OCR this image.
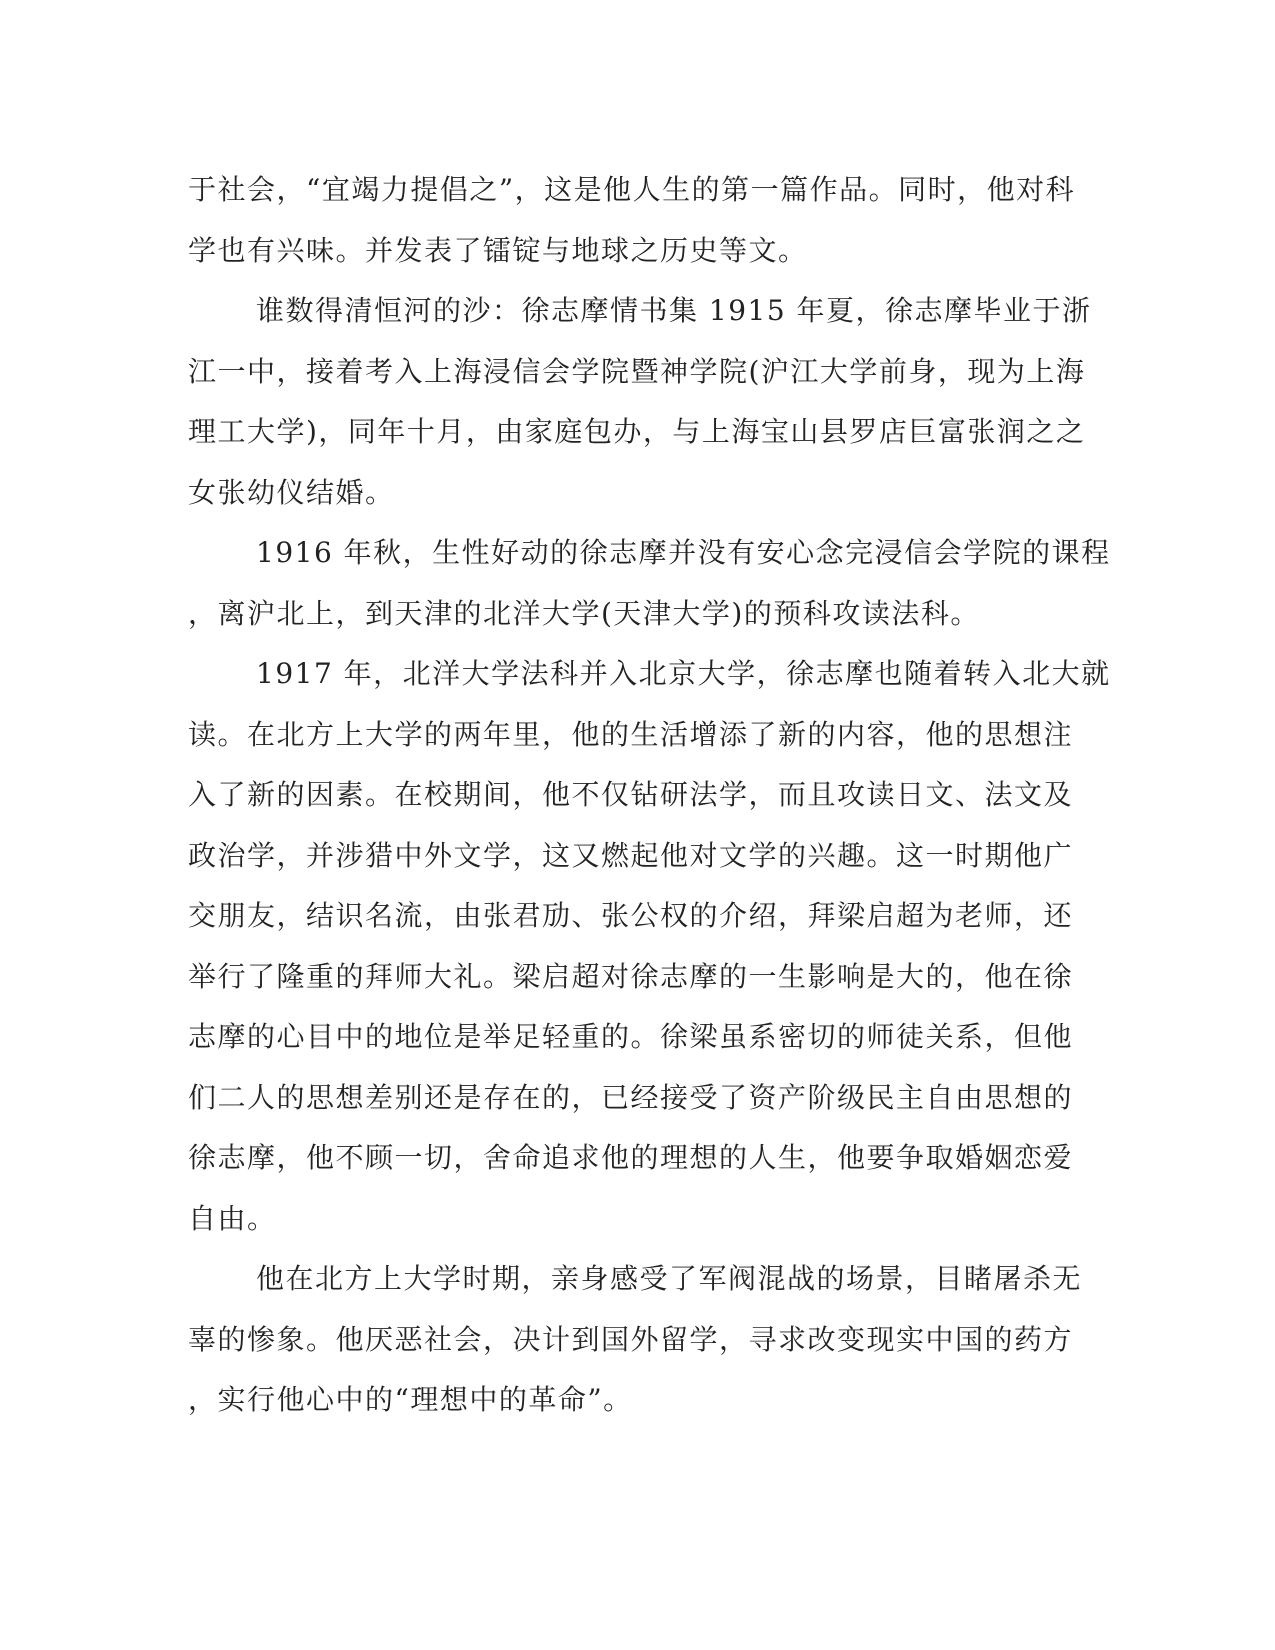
于社会，“宜竭力提倡之”，这是他人生的第一篇作品。同时，他对科
学也有兴味。并发表了镭锭与地球之历史等文。
谁数得清恒河的沙：徐志摩情书集 1915 年夏，徐志摩毕业于浙
江一中，接着考入上海浸信会学院暨神学院(沪江大学前身，现为上海
理工大学)，同年十月，由家庭包办，与上海宝山县罗店巨富张润之之
女张幼仪结婚。
1916 年秋，生性好动的徐志摩并没有安心念完浸信会学院的课程
，离沪北上，到天津的北洋大学(天津大学)的预科攻读法科。
1917 年，北洋大学法科并入北京大学，徐志摩也随着转入北大就
读。在北方上大学的两年里，他的生活增添了新的内容，他的思想注
入了新的因素。在校期间，他不仅钻研法学，而且攻读日文、法文及
政治学，并涉猎中外文学，这又燃起他对文学的兴趣。这一时期他广
交朋友，结识名流，由张君劢、张公权的介绍，拜梁启超为老师，还
举行了隆重的拜师大礼。梁启超对徐志摩的一生影响是大的，他在徐
志摩的心目中的地位是举足轻重的。徐梁虽系密切的师徒关系，但他
们二人的思想差别还是存在的，已经接受了资产阶级民主自由思想的
徐志摩，他不顾一切，舍命追求他的理想的人生，他要争取婚姻恋爱
自由。
他在北方上大学时期，亲身感受了军阀混战的场景，目睹屠杀无
辜的惨象。他厌恶社会，决计到国外留学，寻求改变现实中国的药方
，实行他心中的“理想中的革命”。
